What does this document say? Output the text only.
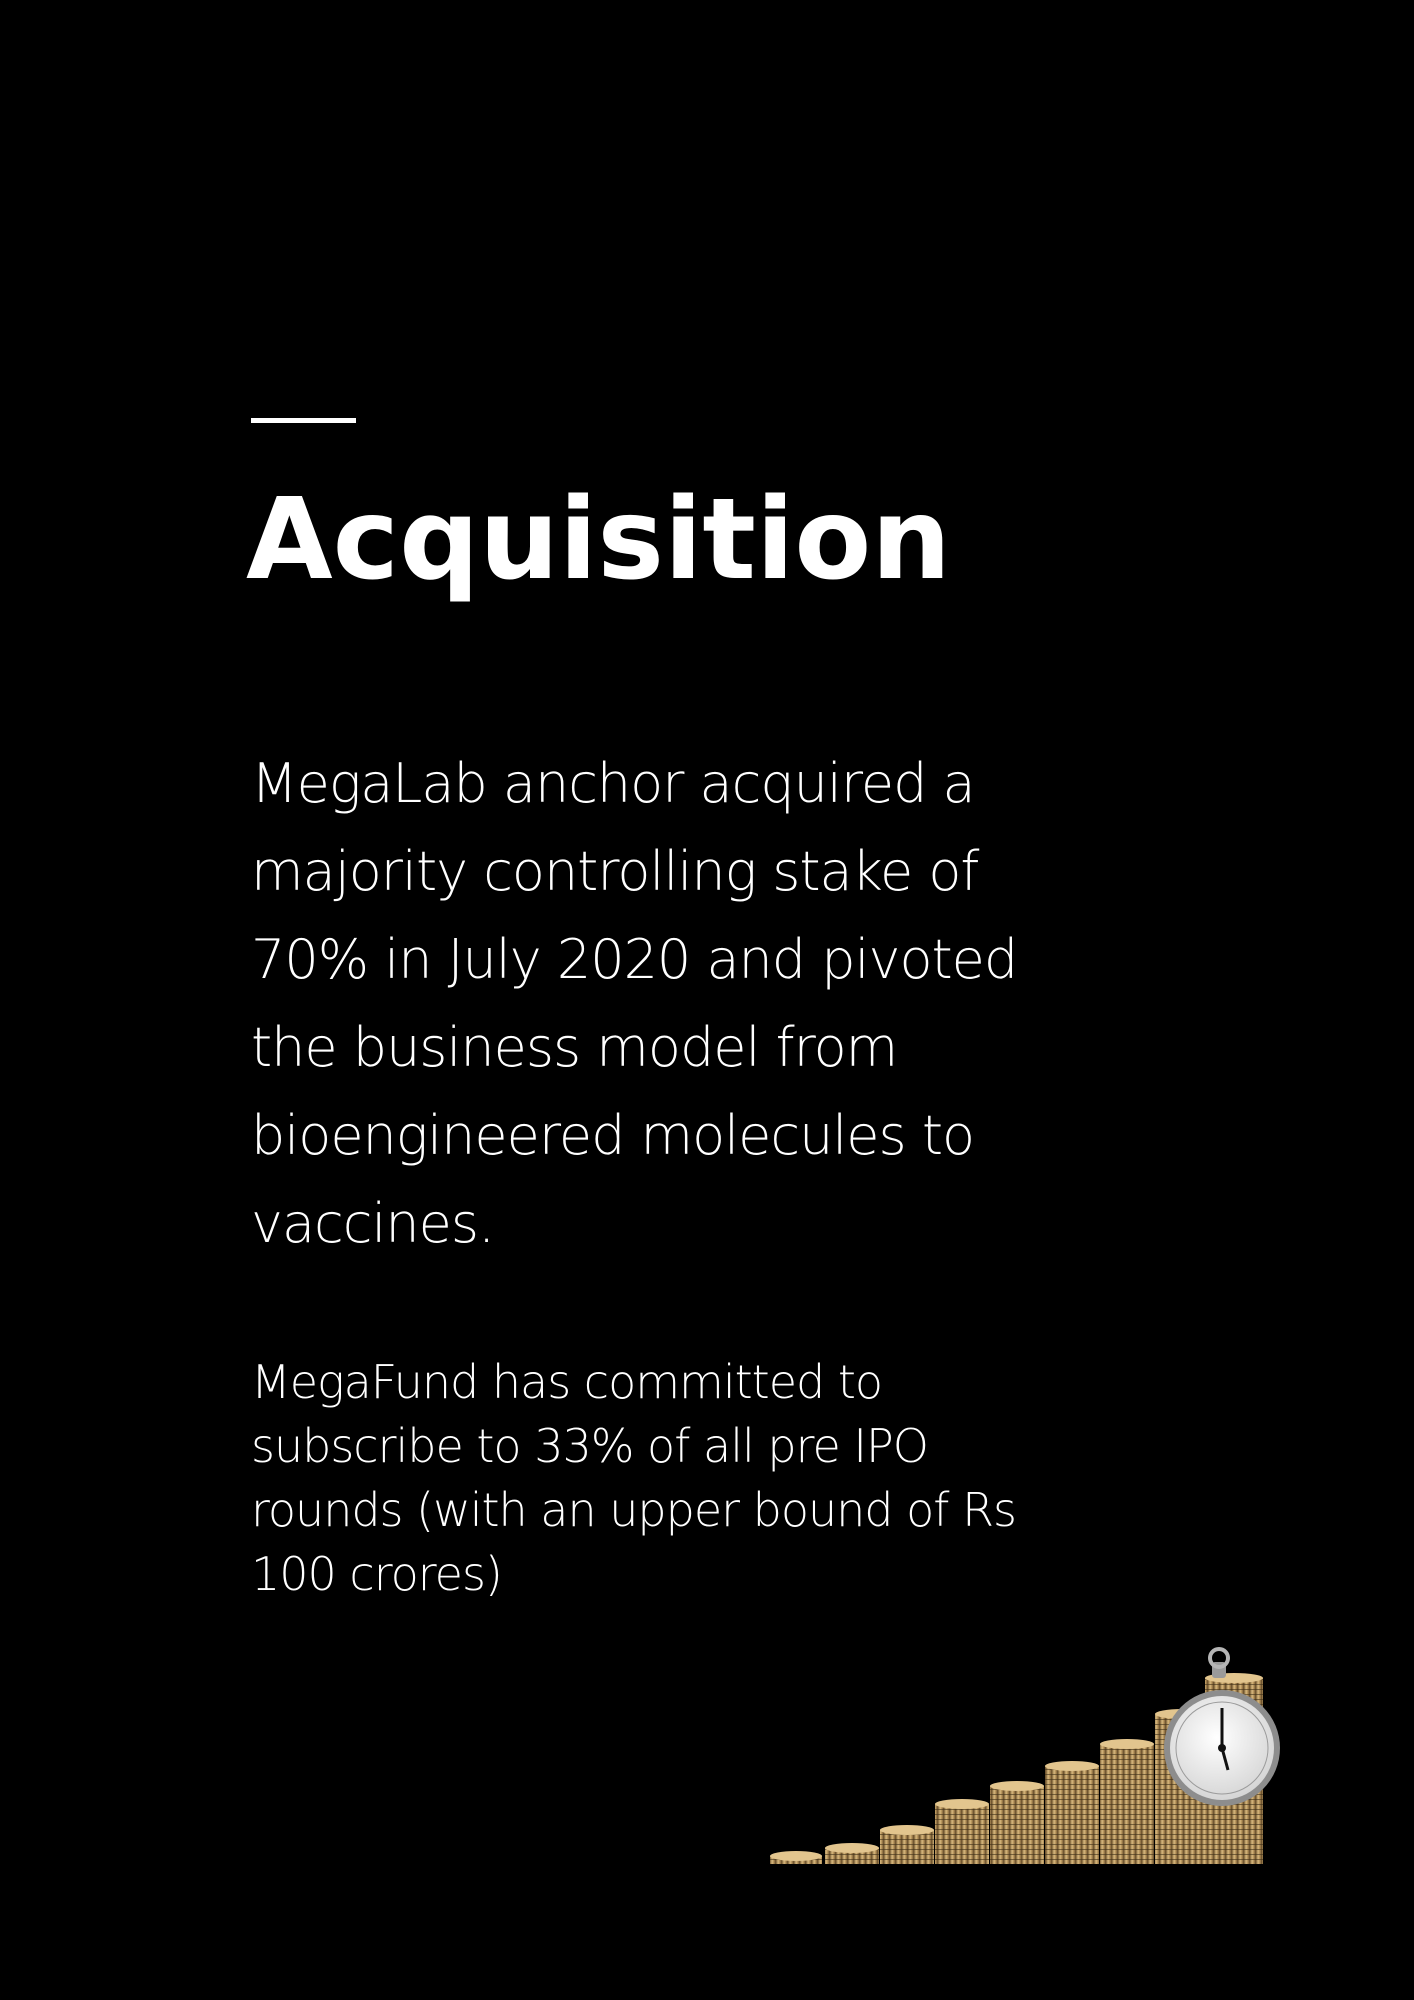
Acquisition

MegaLab anchor acquired a majority controlling stake of 70% in July 2020 and pivoted the business model from bioengineered molecules to vaccines.

MegaFund has committed to subscribe to 33% of all pre IPO rounds (with an upper bound of Rs 100 crores)
